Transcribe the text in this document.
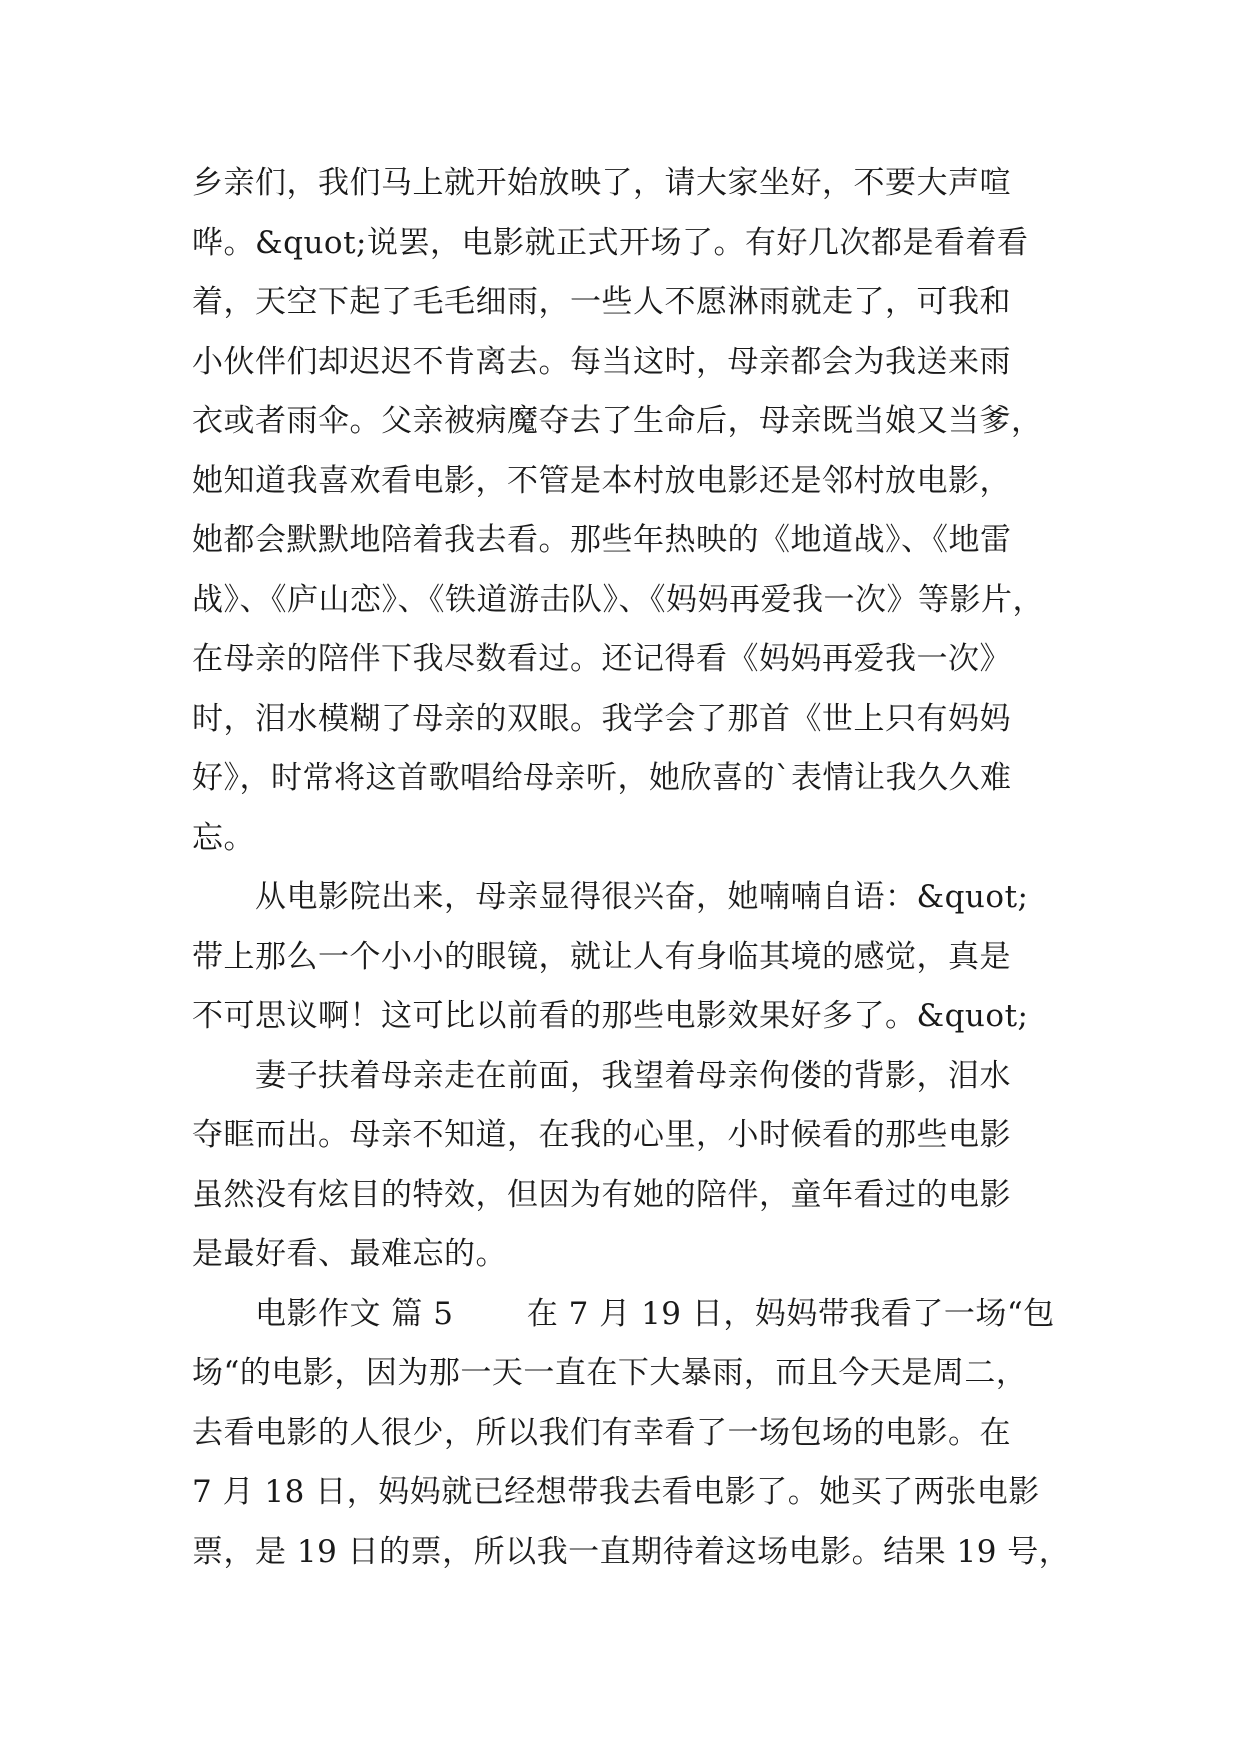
乡亲们，我们马上就开始放映了，请大家坐好，不要大声喧
哗。&quot;说罢，电影就正式开场了。有好几次都是看着看
着，天空下起了毛毛细雨，一些人不愿淋雨就走了，可我和
小伙伴们却迟迟不肯离去。每当这时，母亲都会为我送来雨
衣或者雨伞。父亲被病魔夺去了生命后，母亲既当娘又当爹，
她知道我喜欢看电影，不管是本村放电影还是邻村放电影，
她都会默默地陪着我去看。那些年热映的《地道战》、《地雷
战》、《庐山恋》、《铁道游击队》、《妈妈再爱我一次》等影片，
在母亲的陪伴下我尽数看过。还记得看《妈妈再爱我一次》
时，泪水模糊了母亲的双眼。我学会了那首《世上只有妈妈
好》，时常将这首歌唱给母亲听，她欣喜的`表情让我久久难
忘。
　　从电影院出来，母亲显得很兴奋，她喃喃自语：&quot;
带上那么一个小小的眼镜，就让人有身临其境的感觉，真是
不可思议啊！这可比以前看的那些电影效果好多了。&quot;
　　妻子扶着母亲走在前面，我望着母亲佝偻的背影，泪水
夺眶而出。母亲不知道，在我的心里，小时候看的那些电影
虽然没有炫目的特效，但因为有她的陪伴，童年看过的电影
是最好看、最难忘的。
　　电影作文 篇 5　　 在 7 月 19 日，妈妈带我看了一场“包
场“的电影，因为那一天一直在下大暴雨，而且今天是周二，
去看电影的人很少，所以我们有幸看了一场包场的电影。在
7 月 18 日，妈妈就已经想带我去看电影了。她买了两张电影
票，是 19 日的票，所以我一直期待着这场电影。结果 19 号，
